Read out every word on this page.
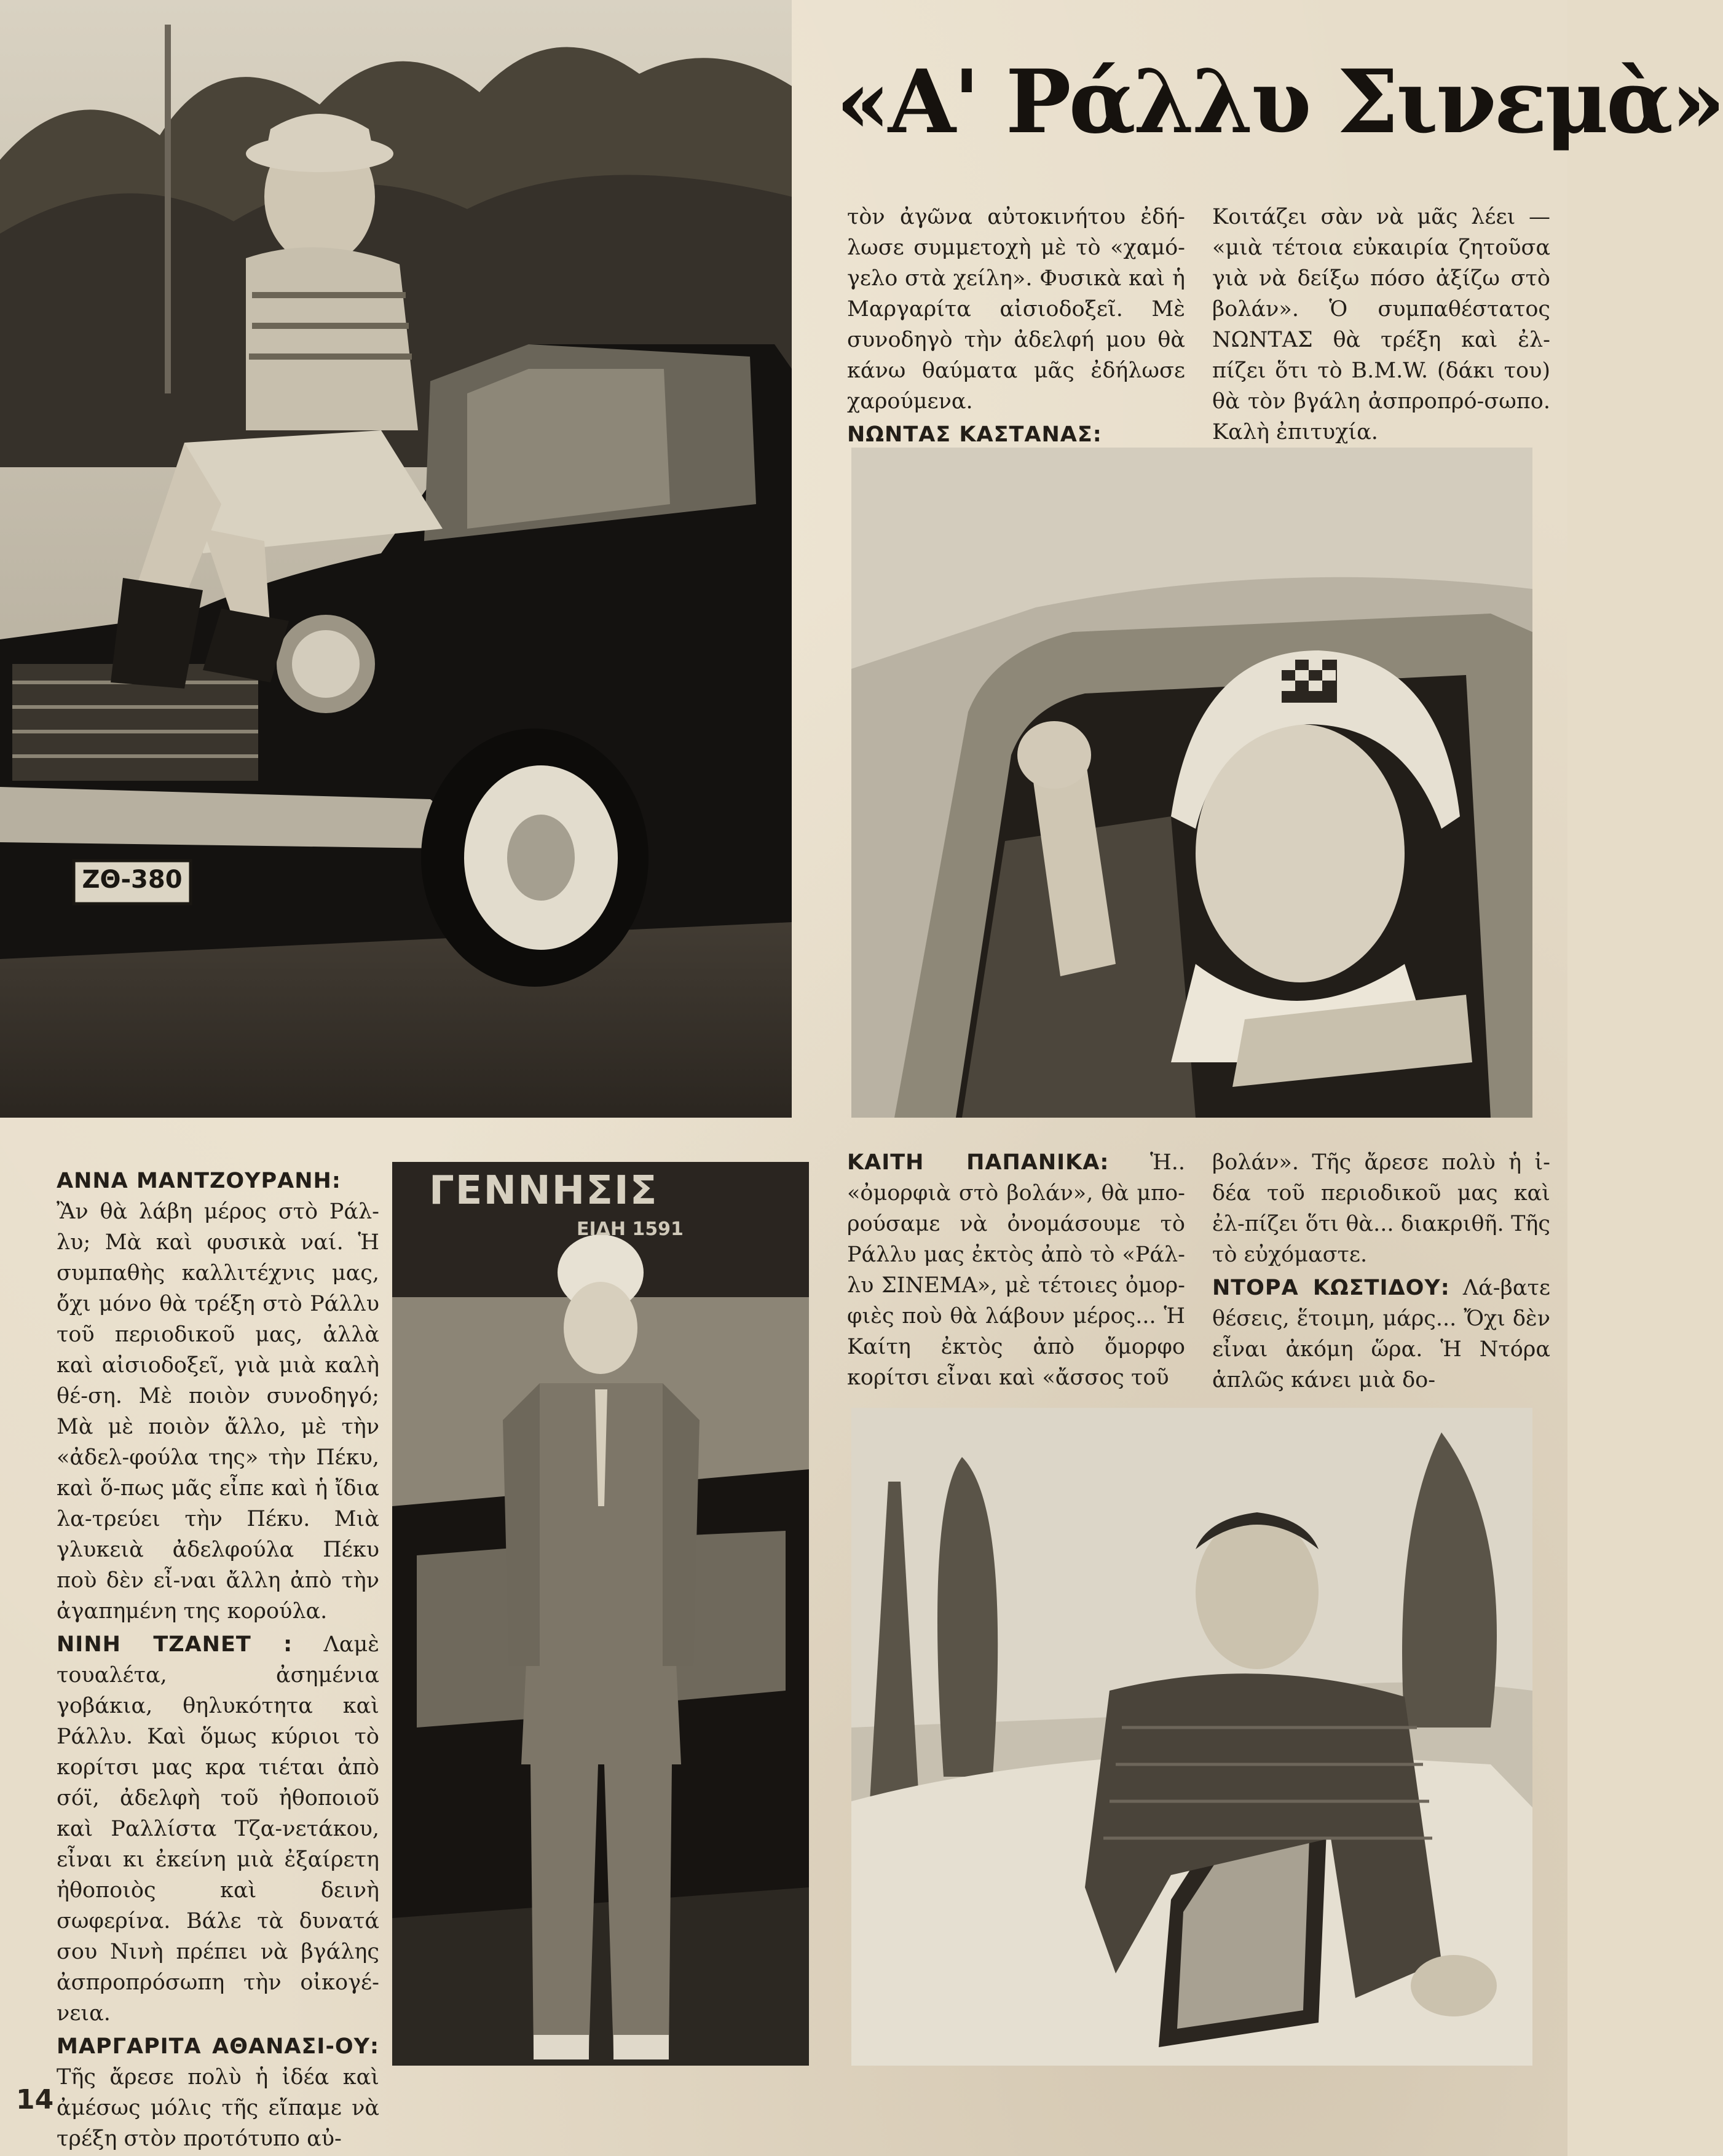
ΖΘ-380
«Α' Ράλλυ Σινεμὰ»

τὸν ἀγῶνα αὐτοκινήτου ἐδή-λωσε συμμετοχὴ μὲ τὸ «χαμό-γελο στὰ χείλη». Φυσικὰ καὶ ἡ Μαργαρίτα αἰσιοδοξεῖ. Μὲ συνοδηγὸ τὴν ἀδελφή μου θὰ κάνω θαύματα μᾶς ἐδήλωσε χαρούμενα.

ΝΩΝΤΑΣ ΚΑΣΤΑΝΑΣ:

Κοιτάζει σὰν νὰ μᾶς λέει — «μιὰ τέτοια εὐκαιρία ζητοῦσα γιὰ νὰ δείξω πόσο ἀξίζω στὸ βολάν». Ὁ συμπαθέστατος ΝΩΝΤΑΣ θὰ τρέξη καὶ ἐλ-πίζει ὅτι τὸ B.M.W. (δάκι του) θὰ τὸν βγάλη ἀσπροπρό-σωπο. Καλὴ ἐπιτυχία.

ΑΝΝΑ ΜΑΝΤΖΟΥΡΑΝΗ:

Ἂν θὰ λάβη μέρος στὸ Ράλ-λυ; Μὰ καὶ φυσικὰ ναί. Ἡ συμπαθὴς καλλιτέχνις μας, ὄχι μόνο θὰ τρέξη στὸ Ράλλυ τοῦ περιοδικοῦ μας, ἀλλὰ καὶ αἰσιοδοξεῖ, γιὰ μιὰ καλὴ θέ-ση. Μὲ ποιὸν συνοδηγό; Μὰ μὲ ποιὸν ἄλλο, μὲ τὴν «ἀδελ-φούλα της» τὴν Πέκυ, καὶ ὅ-πως μᾶς εἶπε καὶ ἡ ἴδια λα-τρεύει τὴν Πέκυ. Μιὰ γλυκειὰ ἀδελφούλα Πέκυ ποὺ δὲν εἶ-ναι ἄλλη ἀπὸ τὴν ἀγαπημένη της κορούλα.

ΝΙΝΗ ΤΖΑΝΕΤ : Λαμὲ τουαλέτα, ἀσημένια γοβάκια, θηλυκότητα καὶ Ράλλυ. Καὶ ὅμως κύριοι τὸ κορίτσι μας κρα τιέται ἀπὸ σόϊ, ἀδελφὴ τοῦ ἠθοποιοῦ καὶ Ραλλίστα Τζα-νετάκου, εἶναι κι ἐκείνη μιὰ ἐξαίρετη ἠθοποιὸς καὶ δεινὴ σωφερίνα. Βάλε τὰ δυνατά σου Νινὴ πρέπει νὰ βγάλης ἀσπροπρόσωπη τὴν οἰκογέ-νεια.

ΜΑΡΓΑΡΙΤΑ ΑΘΑΝΑΣΙ-ΟΥ: Τῆς ἄρεσε πολὺ ἡ ἰδέα καὶ ἀμέσως μόλις τῆς εἴπαμε νὰ τρέξη στὸν προτότυπο αὐ-

ΓΕΝΝΗΣΙΣ
ΕΙΔΗ 1591

ΚΑΙΤΗ ΠΑΠΑΝΙΚΑ: Ἡ.. «ὀμορφιὰ στὸ βολάν», θὰ μπο-ρούσαμε νὰ ὀνομάσουμε τὸ Ράλλυ μας ἐκτὸς ἀπὸ τὸ «Ράλ-λυ ΣΙΝΕΜΑ», μὲ τέτοιες ὀμορ-φιὲς ποὺ θὰ λάβουν μέρος... Ἡ Καίτη ἐκτὸς ἀπὸ ὄμορφο κορίτσι εἶναι καὶ «ἄσσος τοῦ

βολάν». Τῆς ἄρεσε πολὺ ἡ ἰ-δέα τοῦ περιοδικοῦ μας καὶ ἐλ-πίζει ὅτι θὰ... διακριθῆ. Τῆς τὸ εὐχόμαστε.

ΝΤΟΡΑ ΚΩΣΤΙΔΟΥ: Λά-βατε θέσεις, ἕτοιμη, μάρς... Ὄχι δὲν εἶναι ἀκόμη ὥρα. Ἡ Ντόρα ἁπλῶς κάνει μιὰ δο-

14
